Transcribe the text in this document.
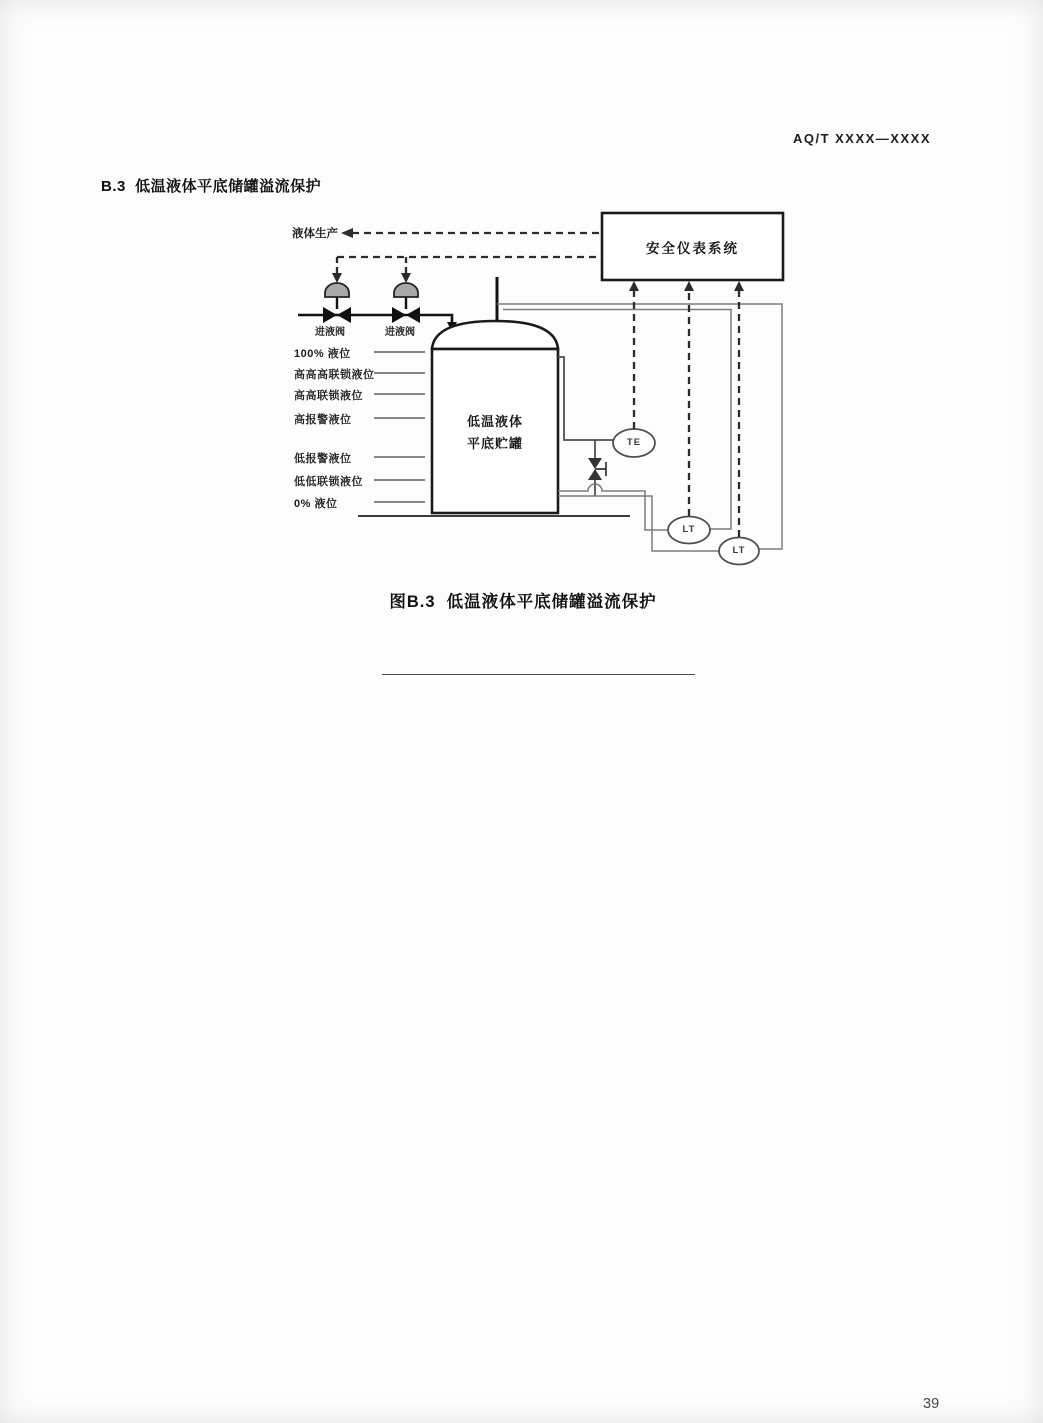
AQ/T XXXX—XXXX
B.3  低温液体平底储罐溢流保护
液体生产
进液阀	进液阀
100% 液位
高高高联锁液位
高高联锁液位
高报警液位
低报警液位
低低联锁液位
0% 液位
低温液体
平底贮罐
安全仪表系统
TE
LT
LT
图B.3  低温液体平底储罐溢流保护
39
